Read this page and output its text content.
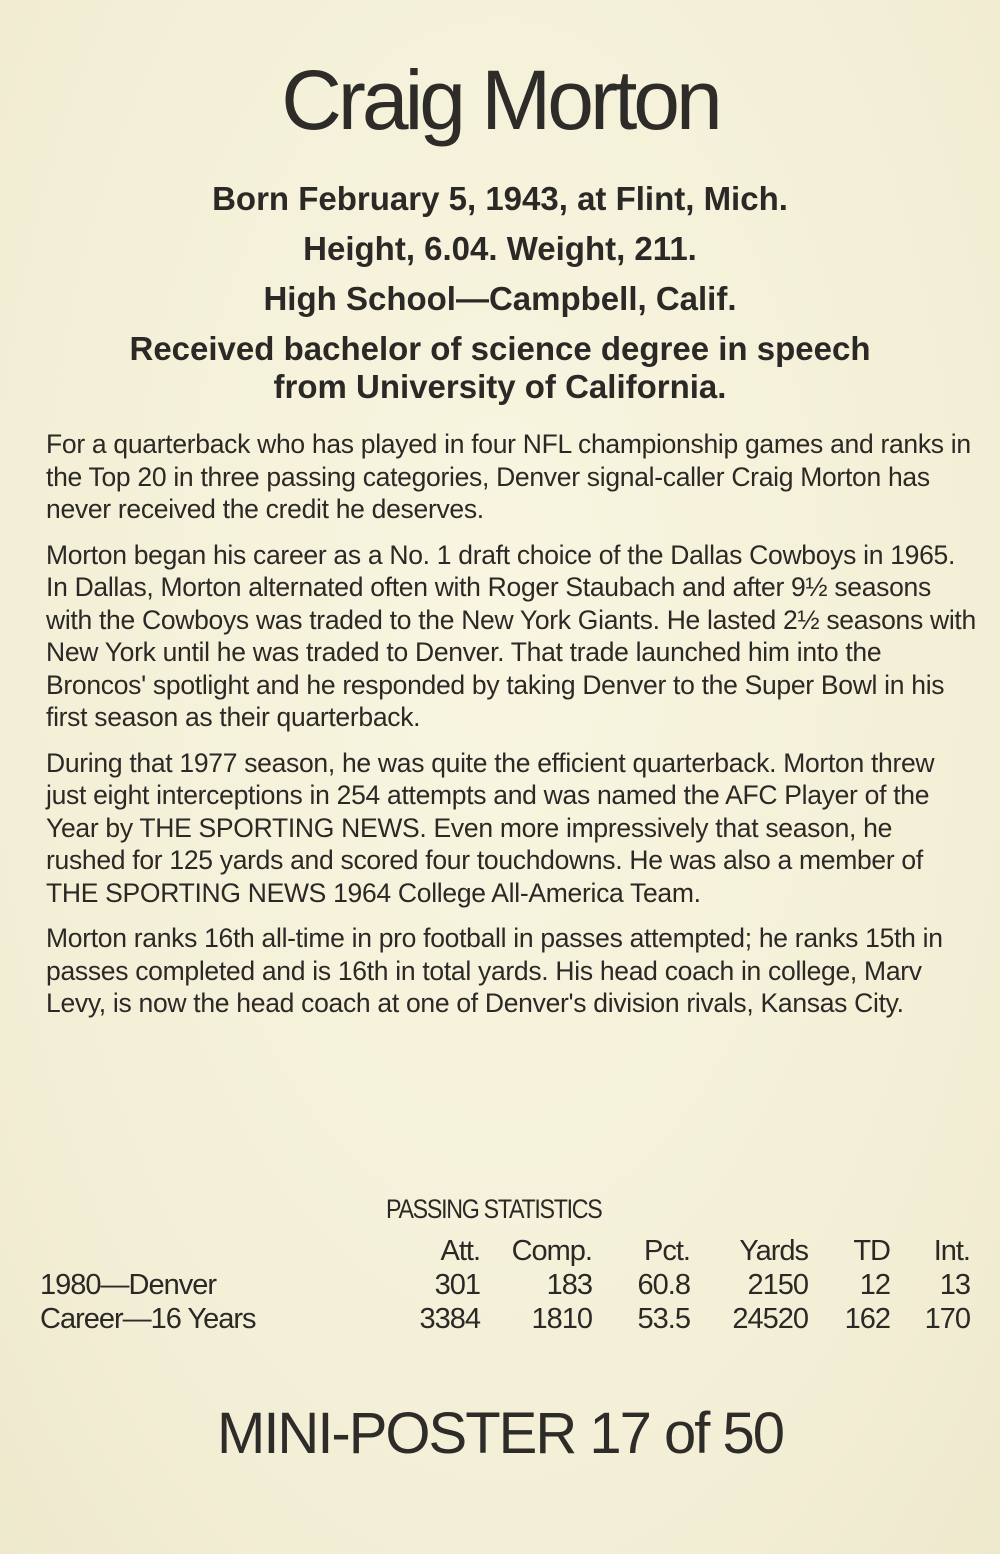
Craig Morton
Born February 5, 1943, at Flint, Mich.
Height, 6.04. Weight, 211.
High School—Campbell, Calif.
Received bachelor of science degree in speech
from University of California.

For a quarterback who has played in four NFL championship games and ranks in the Top 20 in three passing categories, Denver signal-caller Craig Morton has never received the credit he deserves.

Morton began his career as a No. 1 draft choice of the Dallas Cowboys in 1965. In Dallas, Morton alternated often with Roger Staubach and after 9½ seasons with the Cowboys was traded to the New York Giants. He lasted 2½ seasons with New York until he was traded to Denver. That trade launched him into the Broncos' spotlight and he responded by taking Denver to the Super Bowl in his first season as their quarterback.

During that 1977 season, he was quite the efficient quarterback. Morton threw just eight interceptions in 254 attempts and was named the AFC Player of the Year by THE SPORTING NEWS. Even more impressively that season, he rushed for 125 yards and scored four touchdowns. He was also a member of THE SPORTING NEWS 1964 College All-America Team.

Morton ranks 16th all-time in pro football in passes attempted; he ranks 15th in passes completed and is 16th in total yards. His head coach in college, Marv Levy, is now the head coach at one of Denver's division rivals, Kansas City.

PASSING STATISTICS
	Att.	Comp.	Pct.	Yards	TD	Int.
1980—Denver	301	183	60.8	2150	12	13
Career—16 Years	3384	1810	53.5	24520	162	170
MINI-POSTER 17 of 50
